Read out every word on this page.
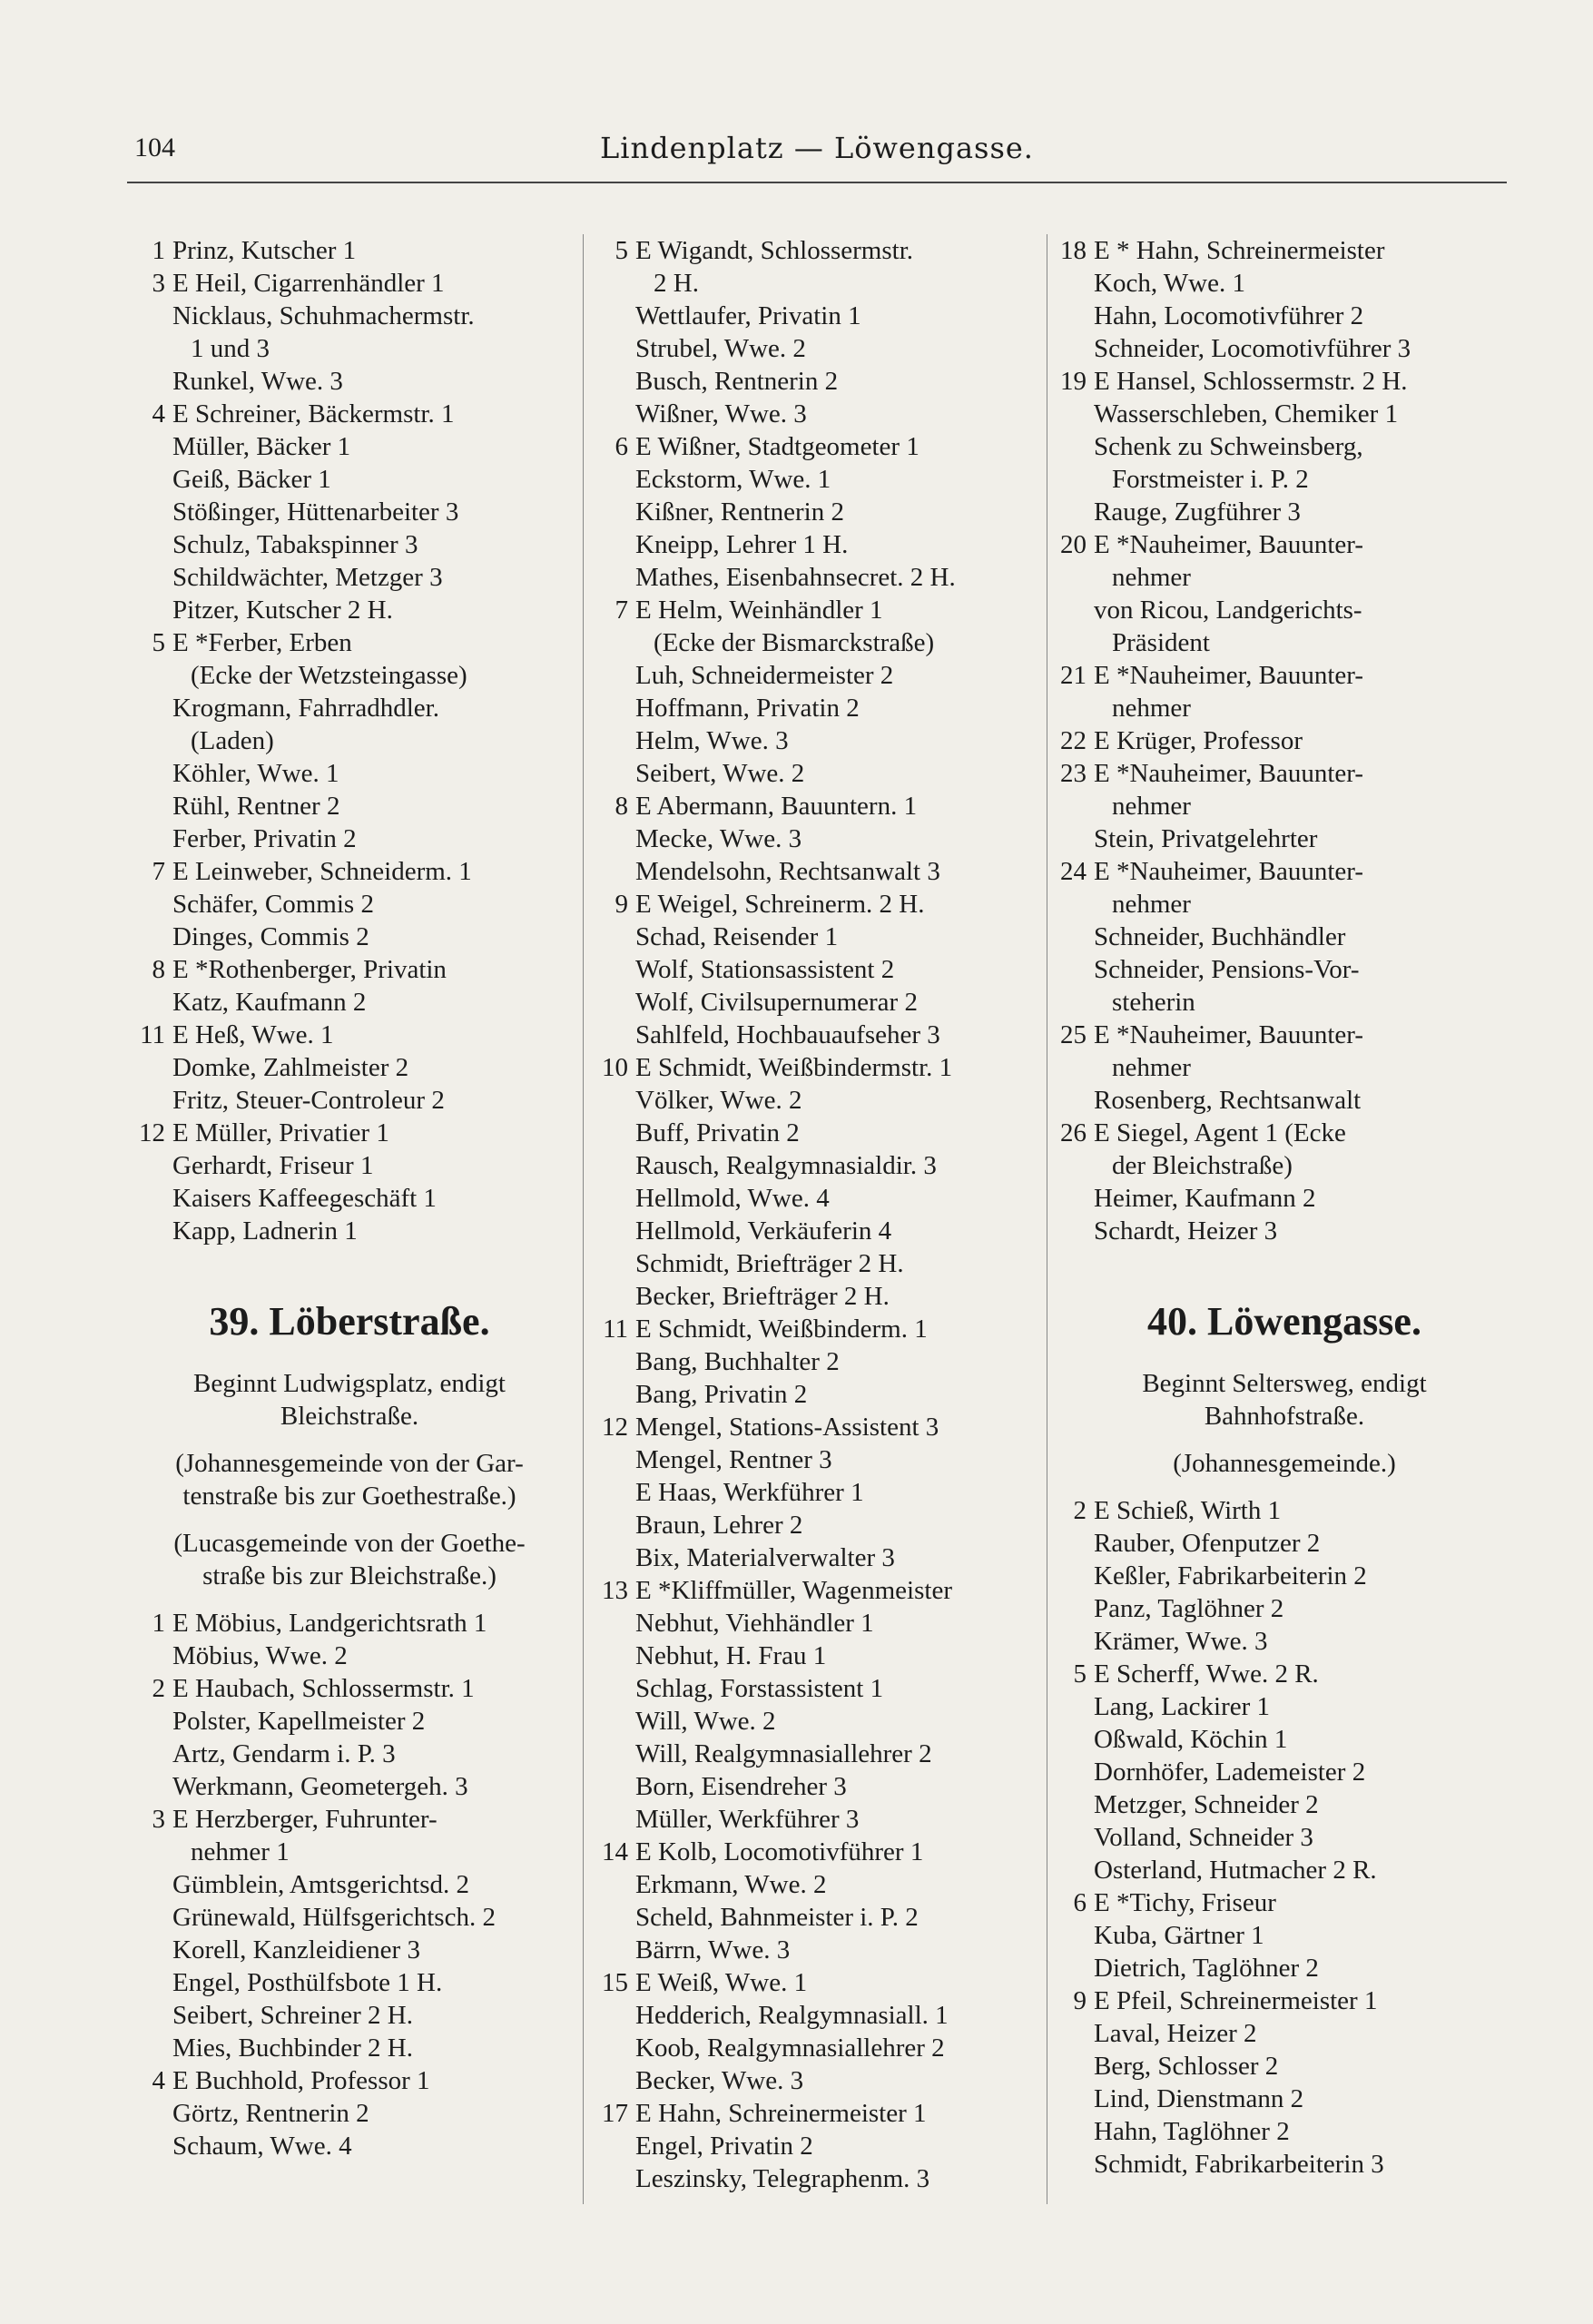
104	Lindenplatz — Löwengasse.
1 Prinz, Kutscher 1
3 E Heil, Cigarrenhändler 1
Nicklaus, Schuhmachermstr.
1 und 3
Runkel, Wwe. 3
4 E Schreiner, Bäckermstr. 1
Müller, Bäcker 1
Geiß, Bäcker 1
Stößinger, Hüttenarbeiter 3
Schulz, Tabakspinner 3
Schildwächter, Metzger 3
Pitzer, Kutscher 2 H.
5 E *Ferber, Erben
(Ecke der Wetzsteingasse)
Krogmann, Fahrradhdler.
(Laden)
Köhler, Wwe. 1
Rühl, Rentner 2
Ferber, Privatin 2
7 E Leinweber, Schneiderm. 1
Schäfer, Commis 2
Dinges, Commis 2
8 E *Rothenberger, Privatin
Katz, Kaufmann 2
11 E Heß, Wwe. 1
Domke, Zahlmeister 2
Fritz, Steuer-Controleur 2
12 E Müller, Privatier 1
Gerhardt, Friseur 1
Kaisers Kaffeegeschäft 1
Kapp, Ladnerin 1
39. Löberstraße.
Beginnt Ludwigsplatz, endigt
Bleichstraße.
(Johannesgemeinde von der Gar-
tenstraße bis zur Goethestraße.)
(Lucasgemeinde von der Goethe-
straße bis zur Bleichstraße.)
1 E Möbius, Landgerichtsrath 1
Möbius, Wwe. 2
2 E Haubach, Schlossermstr. 1
Polster, Kapellmeister 2
Artz, Gendarm i. P. 3
Werkmann, Geometergeh. 3
3 E Herzberger, Fuhrunter-
nehmer 1
Gümblein, Amtsgerichtsd. 2
Grünewald, Hülfsgerichtsch. 2
Korell, Kanzleidiener 3
Engel, Posthülfsbote 1 H.
Seibert, Schreiner 2 H.
Mies, Buchbinder 2 H.
4 E Buchhold, Professor 1
Görtz, Rentnerin 2
Schaum, Wwe. 4
5 E Wigandt, Schlossermstr.
2 H.
Wettlaufer, Privatin 1
Strubel, Wwe. 2
Busch, Rentnerin 2
Wißner, Wwe. 3
6 E Wißner, Stadtgeometer 1
Eckstorm, Wwe. 1
Kißner, Rentnerin 2
Kneipp, Lehrer 1 H.
Mathes, Eisenbahnsecret. 2 H.
7 E Helm, Weinhändler 1
(Ecke der Bismarckstraße)
Luh, Schneidermeister 2
Hoffmann, Privatin 2
Helm, Wwe. 3
Seibert, Wwe. 2
8 E Abermann, Bauuntern. 1
Mecke, Wwe. 3
Mendelsohn, Rechtsanwalt 3
9 E Weigel, Schreinerm. 2 H.
Schad, Reisender 1
Wolf, Stationsassistent 2
Wolf, Civilsupernumerar 2
Sahlfeld, Hochbauaufseher 3
10 E Schmidt, Weißbindermstr. 1
Völker, Wwe. 2
Buff, Privatin 2
Rausch, Realgymnasialdir. 3
Hellmold, Wwe. 4
Hellmold, Verkäuferin 4
Schmidt, Briefträger 2 H.
Becker, Briefträger 2 H.
11 E Schmidt, Weißbinderm. 1
Bang, Buchhalter 2
Bang, Privatin 2
12 Mengel, Stations-Assistent 3
Mengel, Rentner 3
E Haas, Werkführer 1
Braun, Lehrer 2
Bix, Materialverwalter 3
13 E *Kliffmüller, Wagenmeister
Nebhut, Viehhändler 1
Nebhut, H. Frau 1
Schlag, Forstassistent 1
Will, Wwe. 2
Will, Realgymnasiallehrer 2
Born, Eisendreher 3
Müller, Werkführer 3
14 E Kolb, Locomotivführer 1
Erkmann, Wwe. 2
Scheld, Bahnmeister i. P. 2
Bärrn, Wwe. 3
15 E Weiß, Wwe. 1
Hedderich, Realgymnasiall. 1
Koob, Realgymnasiallehrer 2
Becker, Wwe. 3
17 E Hahn, Schreinermeister 1
Engel, Privatin 2
Leszinsky, Telegraphenm. 3
18 E * Hahn, Schreinermeister
Koch, Wwe. 1
Hahn, Locomotivführer 2
Schneider, Locomotivführer 3
19 E Hansel, Schlossermstr. 2 H.
Wasserschleben, Chemiker 1
Schenk zu Schweinsberg,
Forstmeister i. P. 2
Rauge, Zugführer 3
20 E *Nauheimer, Bauunter-
nehmer
von Ricou, Landgerichts-
Präsident
21 E *Nauheimer, Bauunter-
nehmer
22 E Krüger, Professor
23 E *Nauheimer, Bauunter-
nehmer
Stein, Privatgelehrter
24 E *Nauheimer, Bauunter-
nehmer
Schneider, Buchhändler
Schneider, Pensions-Vor-
steherin
25 E *Nauheimer, Bauunter-
nehmer
Rosenberg, Rechtsanwalt
26 E Siegel, Agent 1 (Ecke
der Bleichstraße)
Heimer, Kaufmann 2
Schardt, Heizer 3
40. Löwengasse.
Beginnt Seltersweg, endigt
Bahnhofstraße.
(Johannesgemeinde.)
2 E Schieß, Wirth 1
Rauber, Ofenputzer 2
Keßler, Fabrikarbeiterin 2
Panz, Taglöhner 2
Krämer, Wwe. 3
5 E Scherff, Wwe. 2 R.
Lang, Lackirer 1
Oßwald, Köchin 1
Dornhöfer, Lademeister 2
Metzger, Schneider 2
Volland, Schneider 3
Osterland, Hutmacher 2 R.
6 E *Tichy, Friseur
Kuba, Gärtner 1
Dietrich, Taglöhner 2
9 E Pfeil, Schreinermeister 1
Laval, Heizer 2
Berg, Schlosser 2
Lind, Dienstmann 2
Hahn, Taglöhner 2
Schmidt, Fabrikarbeiterin 3
